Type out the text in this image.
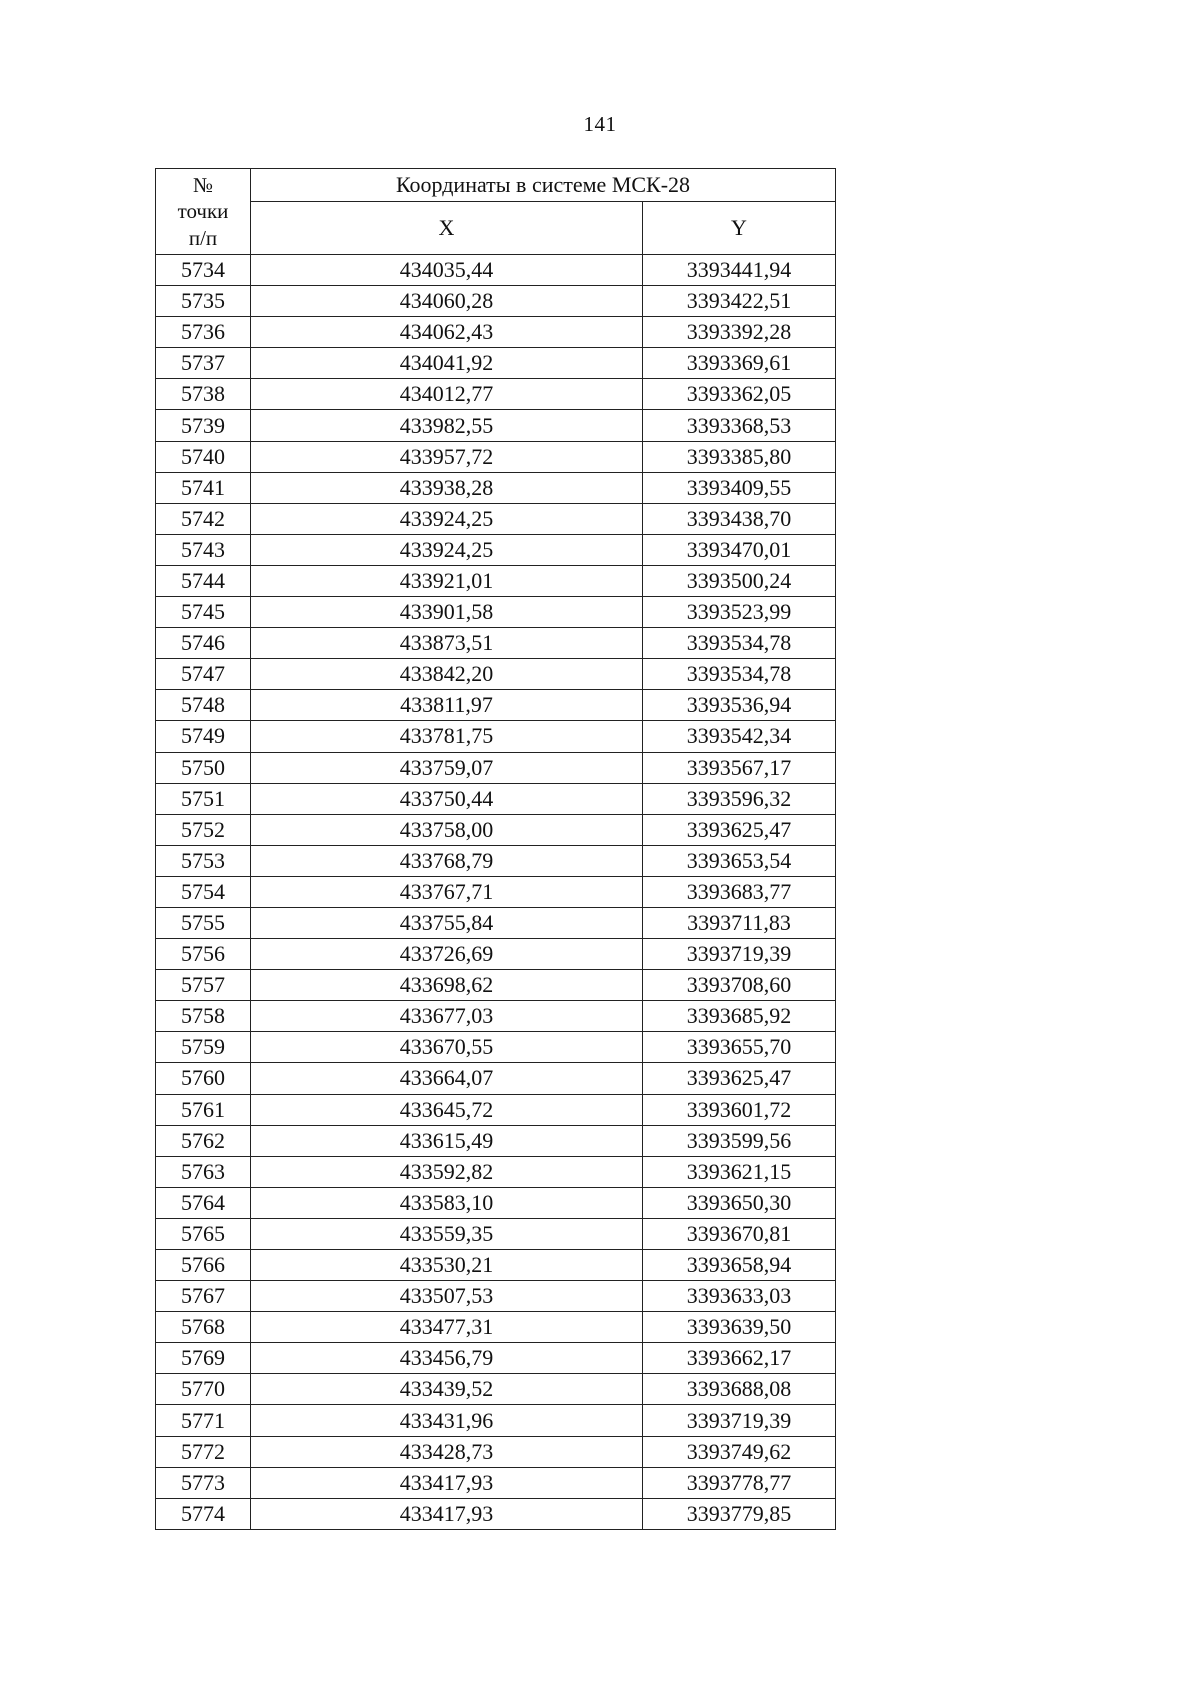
141
№
точки
п/п	Координаты в системе МСК-28	
	X	Y
5734	434035,44	3393441,94
5735	434060,28	3393422,51
5736	434062,43	3393392,28
5737	434041,92	3393369,61
5738	434012,77	3393362,05
5739	433982,55	3393368,53
5740	433957,72	3393385,80
5741	433938,28	3393409,55
5742	433924,25	3393438,70
5743	433924,25	3393470,01
5744	433921,01	3393500,24
5745	433901,58	3393523,99
5746	433873,51	3393534,78
5747	433842,20	3393534,78
5748	433811,97	3393536,94
5749	433781,75	3393542,34
5750	433759,07	3393567,17
5751	433750,44	3393596,32
5752	433758,00	3393625,47
5753	433768,79	3393653,54
5754	433767,71	3393683,77
5755	433755,84	3393711,83
5756	433726,69	3393719,39
5757	433698,62	3393708,60
5758	433677,03	3393685,92
5759	433670,55	3393655,70
5760	433664,07	3393625,47
5761	433645,72	3393601,72
5762	433615,49	3393599,56
5763	433592,82	3393621,15
5764	433583,10	3393650,30
5765	433559,35	3393670,81
5766	433530,21	3393658,94
5767	433507,53	3393633,03
5768	433477,31	3393639,50
5769	433456,79	3393662,17
5770	433439,52	3393688,08
5771	433431,96	3393719,39
5772	433428,73	3393749,62
5773	433417,93	3393778,77
5774	433417,93	3393779,85
